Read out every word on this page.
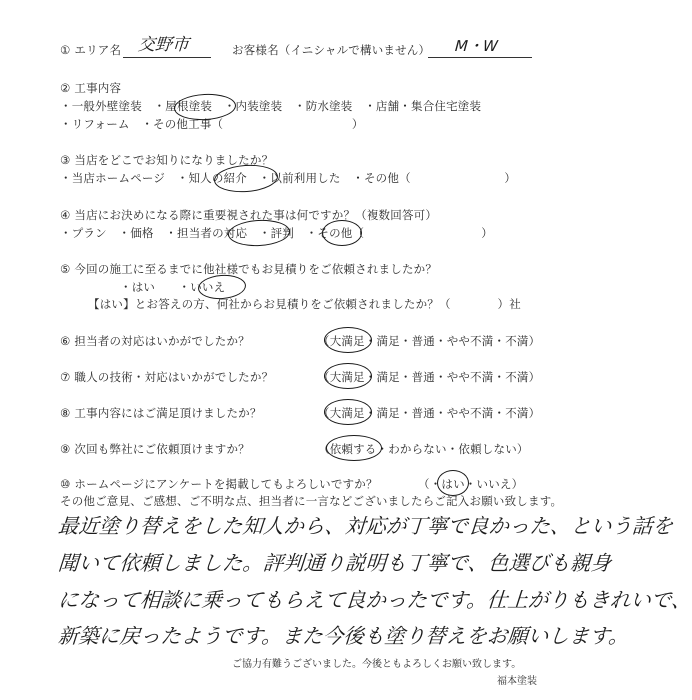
① エリア名 交野市	お客様名（イニシャルで構いません） M・W
② 工事内容
・一般外壁塗装　・屋根塗装　・内装塗装　・防水塗装　・店舗・集合住宅塗装
・リフォーム　・その他工事（　　　　　　　　　　　）
③ 当店をどこでお知りになりましたか？
・当店ホームページ　・知人の紹介　・以前利用した　・その他（　　　　　　　　）
④ 当店にお決めになる際に重要視された事は何ですか？（複数回答可）
・プラン　・価格　・担当者の対応　・評判　・その他（　　　　　　　　　　）
⑤ 今回の施工に至るまでに他社様でもお見積りをご依頼されましたか？
・はい　　・いいえ
【はい】とお答えの方、何社からお見積りをご依頼されましたか？（　　　　）社
⑥ 担当者の対応はいかがでしたか？	（大満足・満足・普通・やや不満・不満）
⑦ 職人の技術・対応はいかがでしたか？	（大満足・満足・普通・やや不満・不満）
⑧ 工事内容にはご満足頂けましたか？	（大満足・満足・普通・やや不満・不満）
⑨ 次回も弊社にご依頼頂けますか？	（依頼する・わからない・依頼しない）
⑩ ホームページにアンケートを掲載してもよろしいですか？	（・はい・いいえ）
その他ご意見、ご感想、ご不明な点、担当者に一言などございましたらご記入お願い致します。
最近塗り替えをした知人から、対応が丁寧で良かった、という話を
聞いて依頼しました。評判通り説明も丁寧で、色選びも親身
になって相談に乗ってもらえて良かったです。仕上がりもきれいで、
新築に戻ったようです。また今後も塗り替えをお願いします。
ご協力有難うございました。今後ともよろしくお願い致します。
福本塗装
